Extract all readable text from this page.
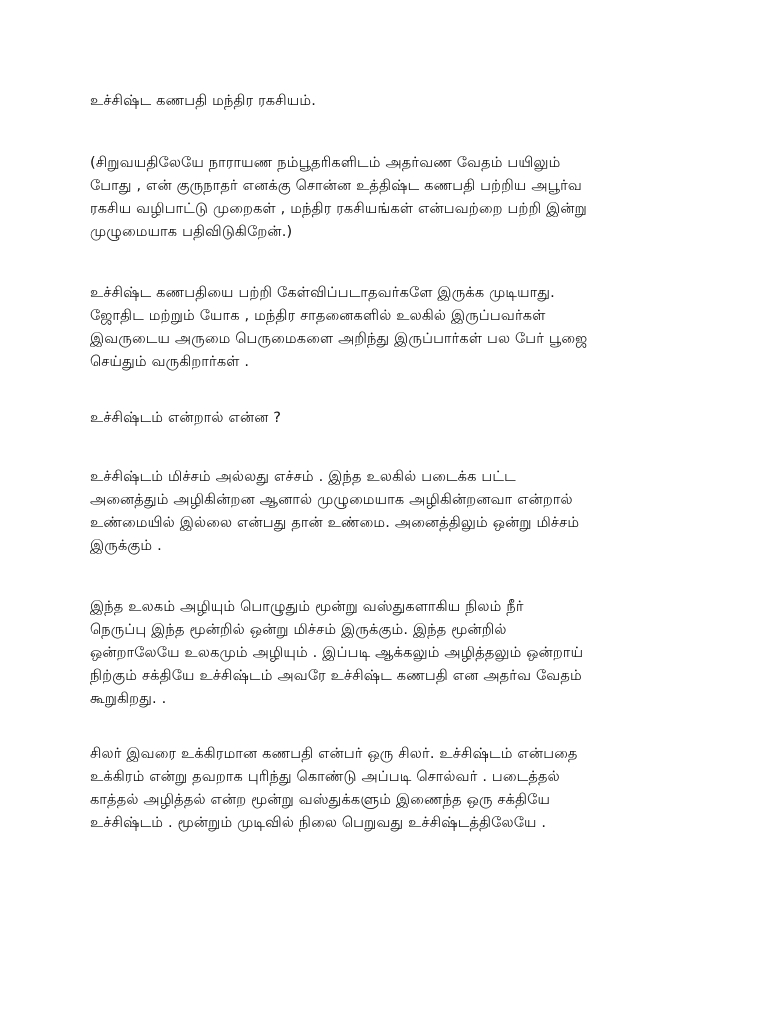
உச்சிஷ்ட கணபதி மந்திர ரகசியம்.

(சிறுவயதிலேயே நாராயண நம்பூதரிகளிடம் அதர்வண வேதம் பயிலும்
போது , என் குருநாதர் எனக்கு சொன்ன உத்திஷ்ட கணபதி பற்றிய அபூர்வ
ரகசிய வழிபாட்டு முறைகள் , மந்திர ரகசியங்கள் என்பவற்றை பற்றி இன்று
முழுமையாக பதிவிடுகிறேன்.)

உச்சிஷ்ட கணபதியை பற்றி கேள்விப்படாதவர்களே இருக்க முடியாது.
ஜோதிட மற்றும் யோக , மந்திர சாதனைகளில் உலகில் இருப்பவர்கள்
இவருடைய அருமை பெருமைகளை அறிந்து இருப்பார்கள் பல பேர் பூஜை
செய்தும் வருகிறார்கள் .

உச்சிஷ்டம் என்றால் என்ன ?

உச்சிஷ்டம் மிச்சம் அல்லது எச்சம் . இந்த உலகில் படைக்க பட்ட
அனைத்தும் அழிகின்றன ஆனால் முழுமையாக அழிகின்றனவா என்றால்
உண்மையில் இல்லை என்பது தான் உண்மை. அனைத்திலும் ஒன்று மிச்சம்
இருக்கும் .

இந்த உலகம் அழியும் பொழுதும் மூன்று வஸ்துகளாகிய நிலம் நீர்
நெருப்பு இந்த மூன்றில் ஒன்று மிச்சம் இருக்கும். இந்த மூன்றில்
ஒன்றாலேயே உலகமும் அழியும் . இப்படி ஆக்கலும் அழித்தலும் ஒன்றாய்
நிற்கும் சக்தியே உச்சிஷ்டம் அவரே உச்சிஷ்ட கணபதி என அதர்வ வேதம்
கூறுகிறது. .

சிலர் இவரை உக்கிரமான கணபதி என்பர் ஒரு சிலர். உச்சிஷ்டம் என்பதை
உக்கிரம் என்று தவறாக புரிந்து கொண்டு அப்படி சொல்வர் . படைத்தல்
காத்தல் அழித்தல் என்ற மூன்று வஸ்துக்களும் இணைந்த ஒரு சக்தியே
உச்சிஷ்டம் . மூன்றும் முடிவில் நிலை பெறுவது உச்சிஷ்டத்திலேயே .
